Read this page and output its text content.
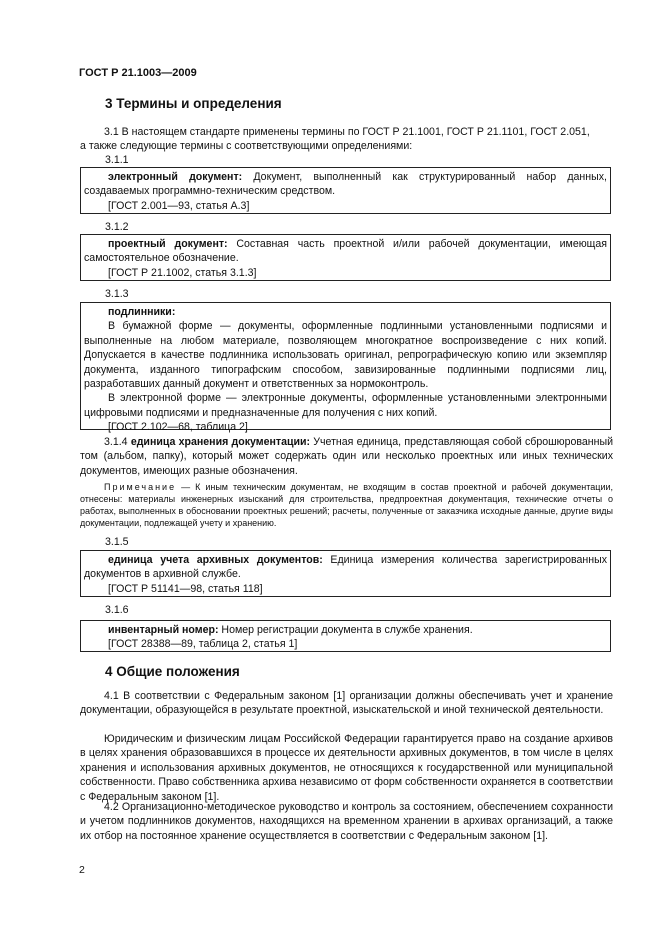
ГОСТ Р 21.1003—2009
3 Термины и определения
3.1 В настоящем стандарте применены термины по ГОСТ Р 21.1001, ГОСТ Р 21.1101, ГОСТ 2.051,
а также следующие термины с соответствующими определениями:
3.1.1

электронный документ: Документ, выполненный как структурированный набор данных, создаваемых программно-техническим средством.

[ГОСТ 2.001—93, статья А.3]

3.1.2

проектный документ: Составная часть проектной и/или рабочей документации, имеющая самостоятельное обозначение.

[ГОСТ Р 21.1002, статья 3.1.3]

3.1.3

подлинники:

В бумажной форме — документы, оформленные подлинными установленными подписями и выполненные на любом материале, позволяющем многократное воспроизведение с них копий. Допускается в качестве подлинника использовать оригинал, репрографическую копию или экземпляр документа, изданного типографским способом, завизированные подлинными подписями лиц, разработавших данный документ и ответственных за нормоконтроль.

В электронной форме — электронные документы, оформленные установленными электронными цифровыми подписями и предназначенные для получения с них копий.

[ГОСТ 2.102—68, таблица 2]

3.1.4 единица хранения документации: Учетная единица, представляющая собой сброшюрованный том (альбом, папку), который может содержать один или несколько проектных или иных технических документов, имеющих разные обозначения.
Примечание — К иным техническим документам, не входящим в состав проектной и рабочей документации, отнесены: материалы инженерных изысканий для строительства, предпроектная документация, технические отчеты о работах, выполненных в обосновании проектных решений; расчеты, полученные от заказчика исходные данные, другие виды документации, подлежащей учету и хранению.
3.1.5

единица учета архивных документов: Единица измерения количества зарегистрированных документов в архивной службе.

[ГОСТ Р 51141—98, статья 118]

3.1.6

инвентарный номер: Номер регистрации документа в службе хранения.

[ГОСТ 28388—89, таблица 2, статья 1]

4 Общие положения
4.1 В соответствии с Федеральным законом [1] организации должны обеспечивать учет и хранение документации, образующейся в результате проектной, изыскательской и иной технической деятельности.
Юридическим и физическим лицам Российской Федерации гарантируется право на создание архивов в целях хранения образовавшихся в процессе их деятельности архивных документов, в том числе в целях хранения и использования архивных документов, не относящихся к государственной или муниципальной собственности. Право собственника архива независимо от форм собственности охраняется в соответствии с Федеральным законом [1].
4.2 Организационно-методическое руководство и контроль за состоянием, обеспечением сохранности и учетом подлинников документов, находящихся на временном хранении в архивах организаций, а также их отбор на постоянное хранение осуществляется в соответствии с Федеральным законом [1].
2
